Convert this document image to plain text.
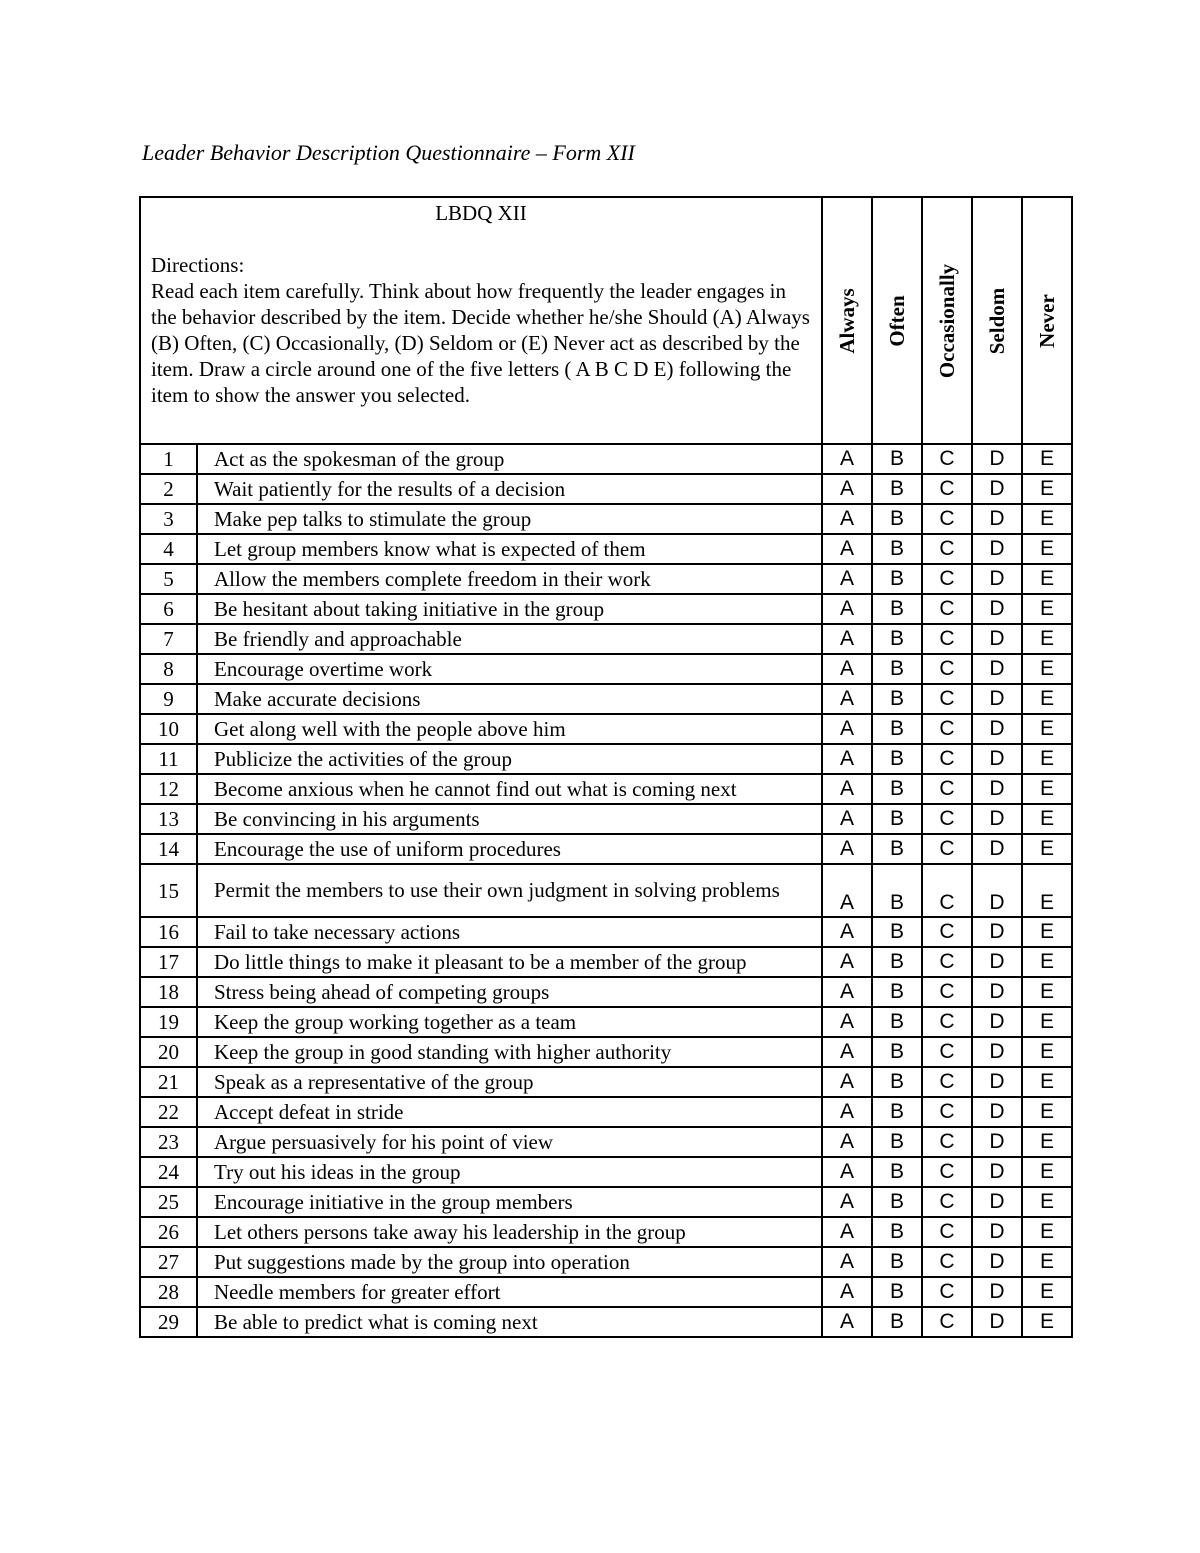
Leader Behavior Description Questionnaire – Form XII
LBDQ XII
Directions:
Read each item carefully. Think about how frequently the leader engages in the behavior described by the item. Decide whether he/she Should (A) Always (B) Often, (C) Occasionally, (D) Seldom or (E) Never act as described by the item. Draw a circle around one of the five letters ( A B C D E) following the item to show the answer you selected.		Always	Often	Occasionally	Seldom	Never

1	Act as the spokesman of the group	A	B	C	D	E
2	Wait patiently for the results of a decision	A	B	C	D	E
3	Make pep talks to stimulate the group	A	B	C	D	E
4	Let group members know what is expected of them	A	B	C	D	E
5	Allow the members complete freedom in their work	A	B	C	D	E
6	Be hesitant about taking initiative in the group	A	B	C	D	E
7	Be friendly and approachable	A	B	C	D	E
8	Encourage overtime work	A	B	C	D	E
9	Make accurate decisions	A	B	C	D	E
10	Get along well with the people above him	A	B	C	D	E
11	Publicize the activities of the group	A	B	C	D	E
12	Become anxious when he cannot find out what is coming next	A	B	C	D	E
13	Be convincing in his arguments	A	B	C	D	E
14	Encourage the use of uniform procedures	A	B	C	D	E
15	Permit the members to use their own judgment in solving problems	A	B	C	D	E
16	Fail to take necessary actions	A	B	C	D	E
17	Do little things to make it pleasant to be a member of the group	A	B	C	D	E
18	Stress being ahead of competing groups	A	B	C	D	E
19	Keep the group working together as a team	A	B	C	D	E
20	Keep the group in good standing with higher authority	A	B	C	D	E
21	Speak as a representative of the group	A	B	C	D	E
22	Accept defeat in stride	A	B	C	D	E
23	Argue persuasively for his point of view	A	B	C	D	E
24	Try out his ideas in the group	A	B	C	D	E
25	Encourage initiative in the group members	A	B	C	D	E
26	Let others persons take away his leadership in the group	A	B	C	D	E
27	Put suggestions made by the group into operation	A	B	C	D	E
28	Needle members for greater effort	A	B	C	D	E
29	Be able to predict what is coming next	A	B	C	D	E
